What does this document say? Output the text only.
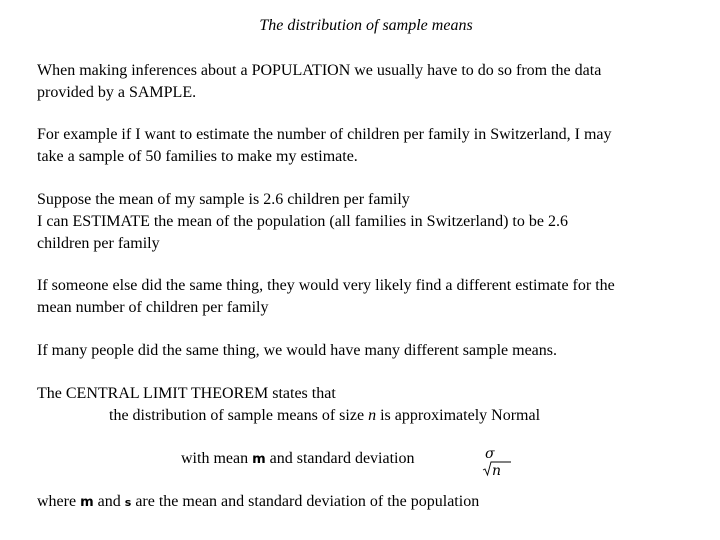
The distribution of sample means

When making inferences about a POPULATION we usually have to do so from the data
provided by a SAMPLE.

For example if I want to estimate the number of children per family in Switzerland, I may
take a sample of 50 families to make my estimate.

Suppose the mean of my sample is 2.6 children per family
I can ESTIMATE the mean of the population (all families in Switzerland) to be 2.6
children per family

If someone else did the same thing, they would very likely find a different estimate for the
mean number of children per family

If many people did the same thing, we would have many different sample means.

The CENTRAL LIMIT THEOREM states that
the distribution of sample means of size n is approximately Normal
with mean m and standard deviation	σ
n

where m and s are the mean and standard deviation of the population
